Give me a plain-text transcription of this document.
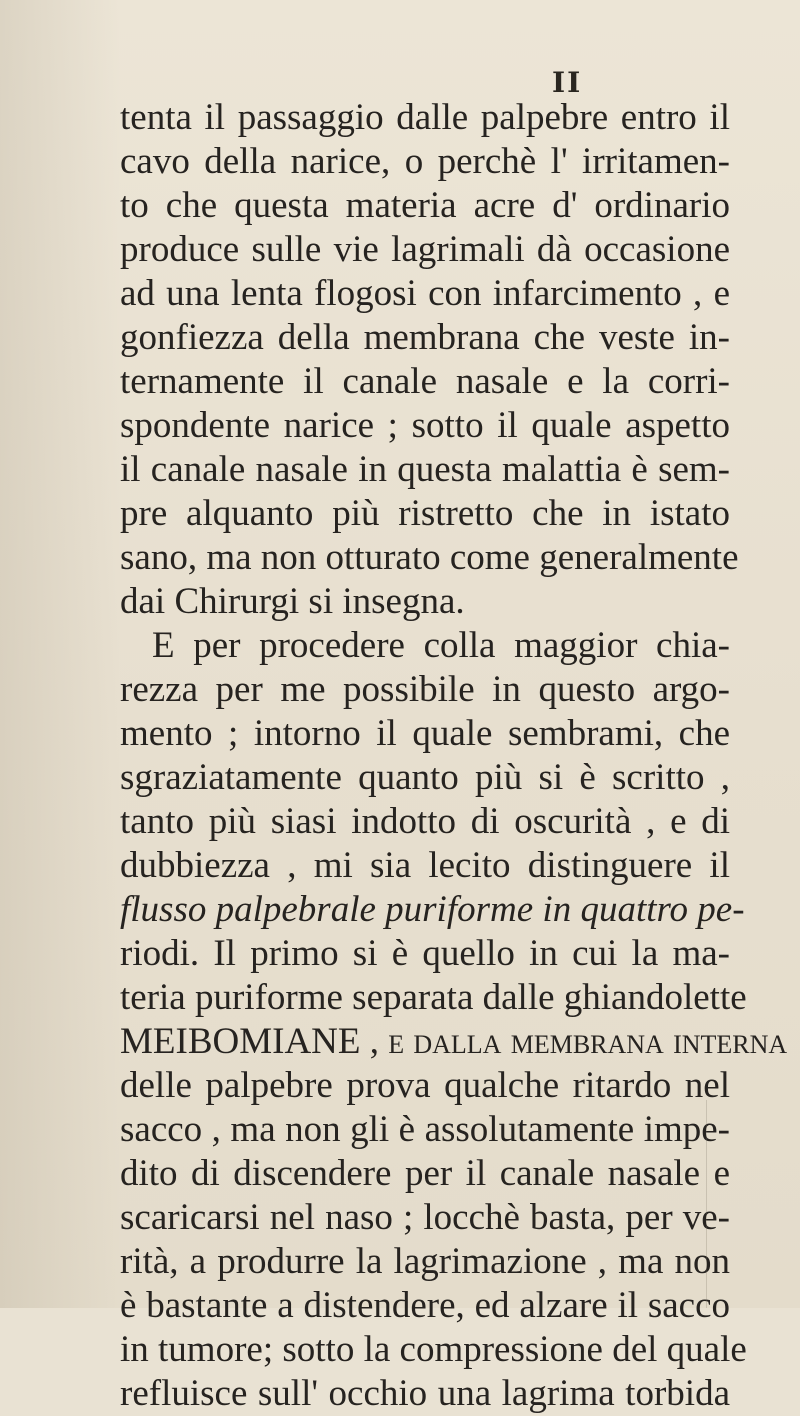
II
tenta il passaggio dalle palpebre entro il
cavo della narice, o perchè l' irritamen-
to che questa materia acre d' ordinario
produce sulle vie lagrimali dà occasione
ad una lenta flogosi con infarcimento , e
gonfiezza della membrana che veste in-
ternamente il canale nasale e la corri-
spondente narice ; sotto il quale aspetto
il canale nasale in questa malattia è sem-
pre alquanto più ristretto che in istato
sano, ma non otturato come generalmente
dai Chirurgi si insegna.
E per procedere colla maggior chia-
rezza per me possibile in questo argo-
mento ; intorno il quale sembrami, che
sgraziatamente quanto più si è scritto ,
tanto più siasi indotto di oscurità , e di
dubbiezza , mi sia lecito distinguere il
flusso palpebrale puriforme in quattro pe-
riodi. Il primo si è quello in cui la ma-
teria puriforme separata dalle ghiandolette
MEIBOMIANE , e dalla membrana interna
delle palpebre prova qualche ritardo nel
sacco , ma non gli è assolutamente impe-
dito di discendere per il canale nasale e
scaricarsi nel naso ; locchè basta, per ve-
rità, a produrre la lagrimazione , ma non
è bastante a distendere, ed alzare il sacco
in tumore; sotto la compressione del quale
refluisce sull' occhio una lagrima torbida
